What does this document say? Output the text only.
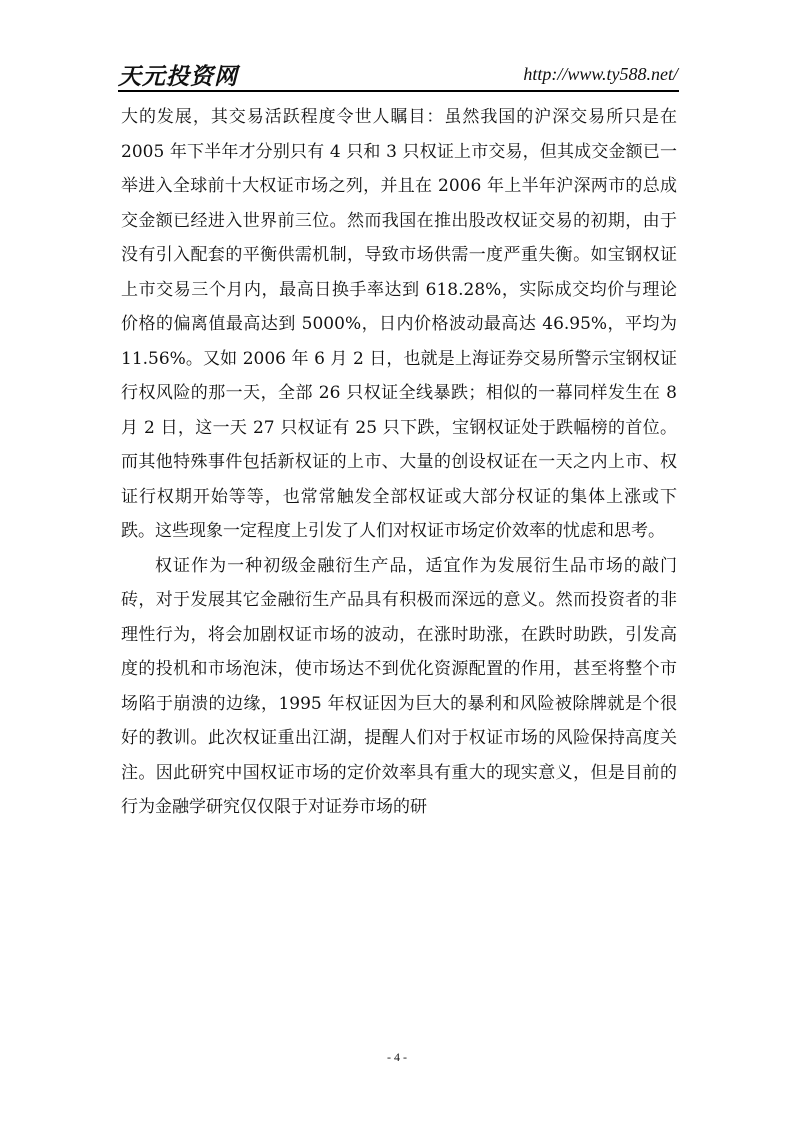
天元投资网	http://www.ty588.net/

大的发展，其交易活跃程度令世人瞩目：虽然我国的沪深交易所只是在 2005 年下半年才分别只有 4 只和 3 只权证上市交易，但其成交金额已一举进入全球前十大权证市场之列，并且在 2006 年上半年沪深两市的总成交金额已经进入世界前三位。然而我国在推出股改权证交易的初期，由于没有引入配套的平衡供需机制，导致市场供需一度严重失衡。如宝钢权证上市交易三个月内，最高日换手率达到 618.28%，实际成交均价与理论价格的偏离值最高达到 5000%，日内价格波动最高达 46.95%，平均为 11.56%。又如 2006 年 6 月 2 日，也就是上海证券交易所警示宝钢权证行权风险的那一天，全部 26 只权证全线暴跌；相似的一幕同样发生在 8 月 2 日，这一天 27 只权证有 25 只下跌，宝钢权证处于跌幅榜的首位。而其他特殊事件包括新权证的上市、大量的创设权证在一天之内上市、权证行权期开始等等，也常常触发全部权证或大部分权证的集体上涨或下跌。这些现象一定程度上引发了人们对权证市场定价效率的忧虑和思考。

权证作为一种初级金融衍生产品，适宜作为发展衍生品市场的敲门砖，对于发展其它金融衍生产品具有积极而深远的意义。然而投资者的非理性行为，将会加剧权证市场的波动，在涨时助涨，在跌时助跌，引发高度的投机和市场泡沫，使市场达不到优化资源配置的作用，甚至将整个市场陷于崩溃的边缘，1995 年权证因为巨大的暴利和风险被除牌就是个很好的教训。此次权证重出江湖，提醒人们对于权证市场的风险保持高度关注。因此研究中国权证市场的定价效率具有重大的现实意义，但是目前的行为金融学研究仅仅限于对证券市场的研

- 4 -
